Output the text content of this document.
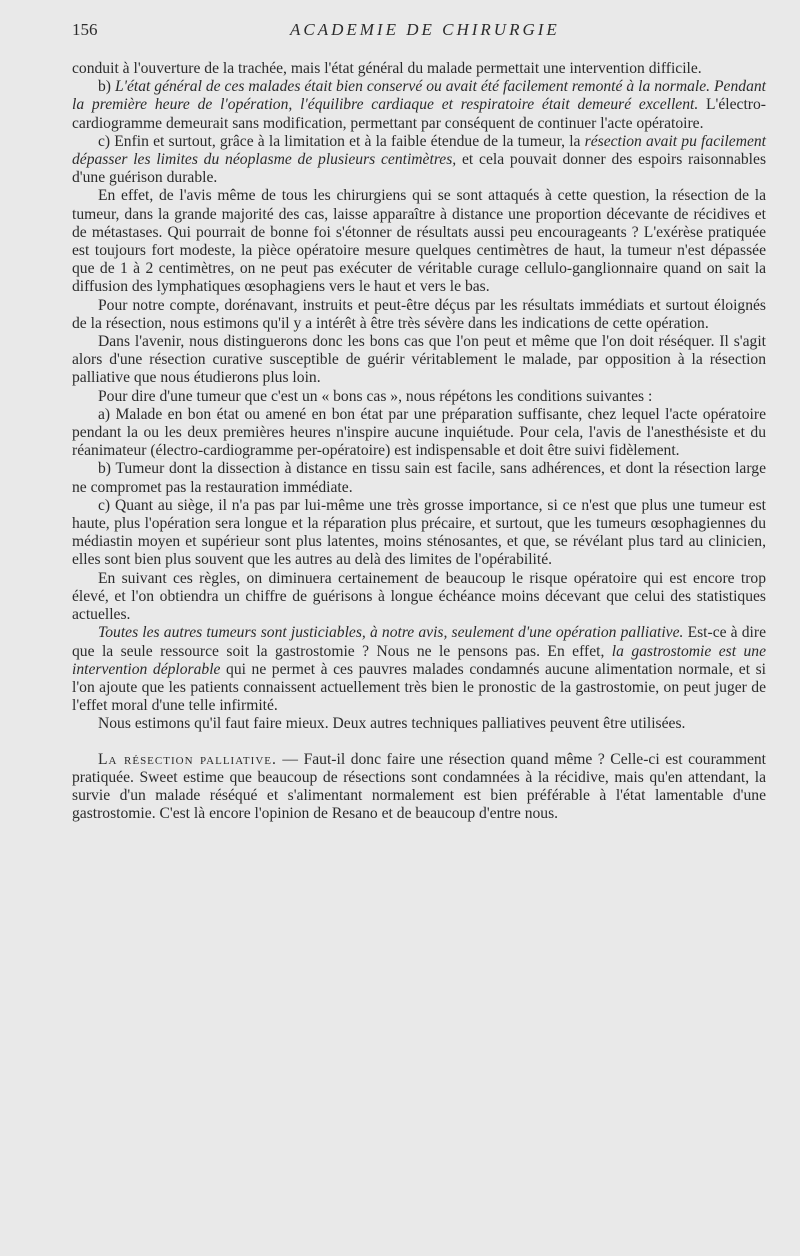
156	ACADEMIE DE CHIRURGIE

conduit à l'ouverture de la trachée, mais l'état général du malade permettait une intervention difficile.

b) L'état général de ces malades était bien conservé ou avait été facilement remonté à la normale. Pendant la première heure de l'opération, l'équilibre cardiaque et respiratoire était demeuré excellent. L'électro-cardiogramme demeurait sans modification, permettant par conséquent de continuer l'acte opératoire.

c) Enfin et surtout, grâce à la limitation et à la faible étendue de la tumeur, la résection avait pu facilement dépasser les limites du néoplasme de plusieurs centimètres, et cela pouvait donner des espoirs raisonnables d'une guérison durable.

En effet, de l'avis même de tous les chirurgiens qui se sont attaqués à cette question, la résection de la tumeur, dans la grande majorité des cas, laisse apparaître à distance une proportion décevante de récidives et de métastases. Qui pourrait de bonne foi s'étonner de résultats aussi peu encourageants ? L'exérèse pratiquée est toujours fort modeste, la pièce opératoire mesure quelques centimètres de haut, la tumeur n'est dépassée que de 1 à 2 centimètres, on ne peut pas exécuter de véritable curage cellulo-ganglionnaire quand on sait la diffusion des lymphatiques œsophagiens vers le haut et vers le bas.

Pour notre compte, dorénavant, instruits et peut-être déçus par les résultats immédiats et surtout éloignés de la résection, nous estimons qu'il y a intérêt à être très sévère dans les indications de cette opération.

Dans l'avenir, nous distinguerons donc les bons cas que l'on peut et même que l'on doit réséquer. Il s'agit alors d'une résection curative susceptible de guérir véritablement le malade, par opposition à la résection palliative que nous étudierons plus loin.

Pour dire d'une tumeur que c'est un « bons cas », nous répétons les conditions suivantes :

a) Malade en bon état ou amené en bon état par une préparation suffisante, chez lequel l'acte opératoire pendant la ou les deux premières heures n'inspire aucune inquiétude. Pour cela, l'avis de l'anesthésiste et du réanimateur (électro-cardiogramme per-opératoire) est indispensable et doit être suivi fidèlement.

b) Tumeur dont la dissection à distance en tissu sain est facile, sans adhérences, et dont la résection large ne compromet pas la restauration immédiate.

c) Quant au siège, il n'a pas par lui-même une très grosse importance, si ce n'est que plus une tumeur est haute, plus l'opération sera longue et la réparation plus précaire, et surtout, que les tumeurs œsophagiennes du médiastin moyen et supérieur sont plus latentes, moins sténosantes, et que, se révélant plus tard au clinicien, elles sont bien plus souvent que les autres au delà des limites de l'opérabilité.

En suivant ces règles, on diminuera certainement de beaucoup le risque opératoire qui est encore trop élevé, et l'on obtiendra un chiffre de guérisons à longue échéance moins décevant que celui des statistiques actuelles.

Toutes les autres tumeurs sont justiciables, à notre avis, seulement d'une opération palliative. Est-ce à dire que la seule ressource soit la gastrostomie ? Nous ne le pensons pas. En effet, la gastrostomie est une intervention déplorable qui ne permet à ces pauvres malades condamnés aucune alimentation normale, et si l'on ajoute que les patients connaissent actuellement très bien le pronostic de la gastrostomie, on peut juger de l'effet moral d'une telle infirmité.

Nous estimons qu'il faut faire mieux. Deux autres techniques palliatives peuvent être utilisées.

La résection palliative. — Faut-il donc faire une résection quand même ? Celle-ci est couramment pratiquée. Sweet estime que beaucoup de résections sont condamnées à la récidive, mais qu'en attendant, la survie d'un malade réséqué et s'alimentant normalement est bien préférable à l'état lamentable d'une gastrostomie. C'est là encore l'opinion de Resano et de beaucoup d'entre nous.
